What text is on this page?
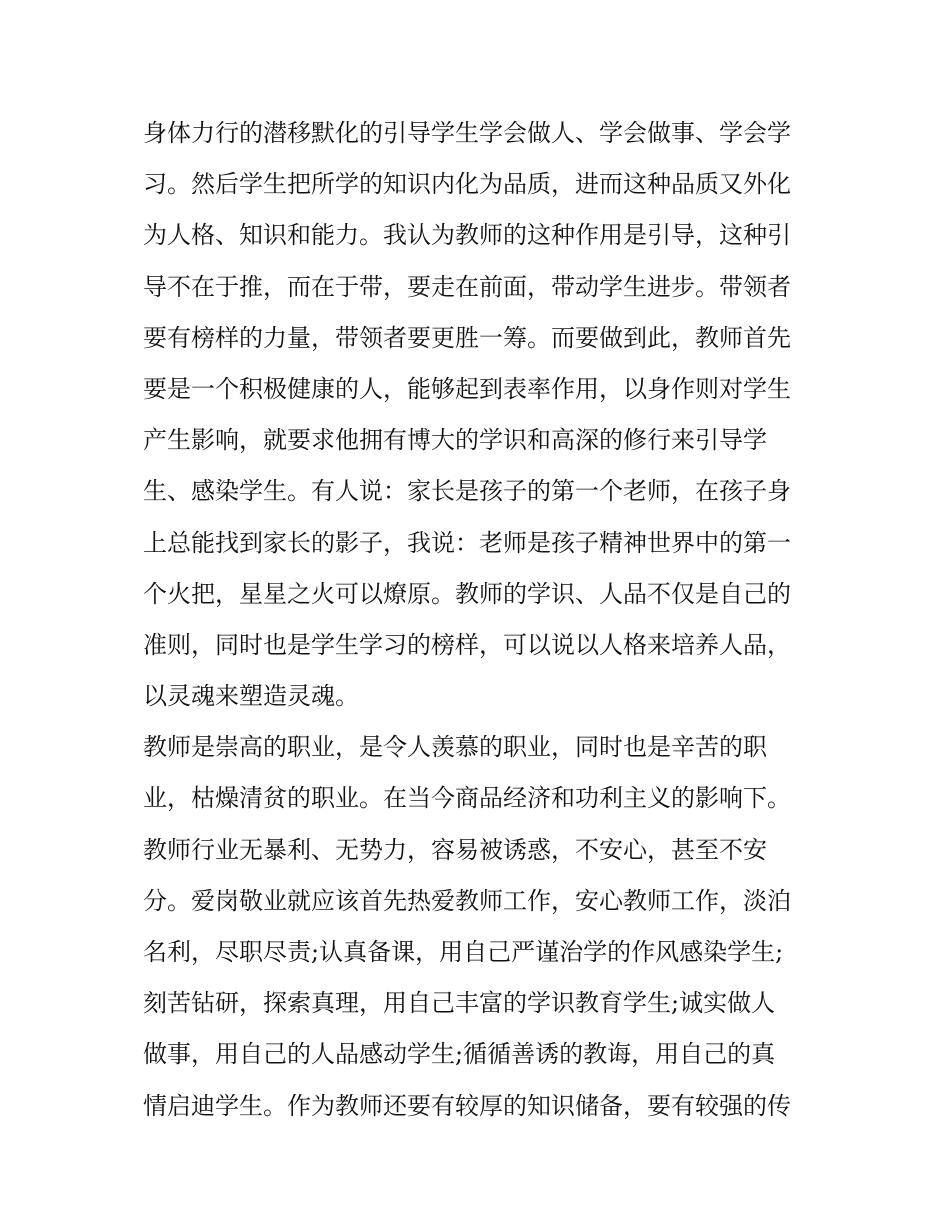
身体力行的潜移默化的引导学生学会做人、学会做事、学会学
习。然后学生把所学的知识内化为品质，进而这种品质又外化
为人格、知识和能力。我认为教师的这种作用是引导，这种引
导不在于推，而在于带，要走在前面，带动学生进步。带领者
要有榜样的力量，带领者要更胜一筹。而要做到此，教师首先
要是一个积极健康的人，能够起到表率作用，以身作则对学生
产生影响，就要求他拥有博大的学识和高深的修行来引导学
生、感染学生。有人说：家长是孩子的第一个老师，在孩子身
上总能找到家长的影子，我说：老师是孩子精神世界中的第一
个火把，星星之火可以燎原。教师的学识、人品不仅是自己的
准则，同时也是学生学习的榜样，可以说以人格来培养人品，
以灵魂来塑造灵魂。
教师是崇高的职业，是令人羡慕的职业，同时也是辛苦的职
业，枯燥清贫的职业。在当今商品经济和功利主义的影响下。
教师行业无暴利、无势力，容易被诱惑，不安心，甚至不安
分。爱岗敬业就应该首先热爱教师工作，安心教师工作，淡泊
名利，尽职尽责;认真备课，用自己严谨治学的作风感染学生;
刻苦钻研，探索真理，用自己丰富的学识教育学生;诚实做人
做事，用自己的人品感动学生;循循善诱的教诲，用自己的真
情启迪学生。作为教师还要有较厚的知识储备，要有较强的传
